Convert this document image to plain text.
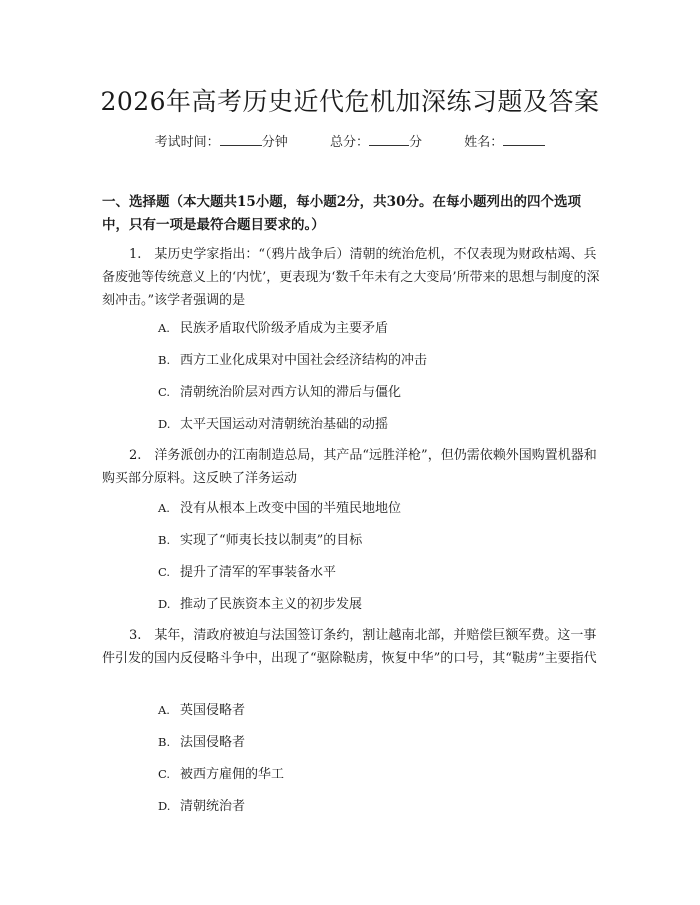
2026年高考历史近代危机加深练习题及答案
考试时间：	分钟	总分：	分	姓名：
一、选择题（本大题共15小题，每小题2分，共30分。在每小题列出的四个选项中，只有一项是最符合题目要求的。）
1.　某历史学家指出：“（鸦片战争后）清朝的统治危机，不仅表现为财政枯竭、兵备废弛等传统意义上的‘内忧’，更表现为‘数千年未有之大变局’所带来的思想与制度的深刻冲击。”该学者强调的是
A. 民族矛盾取代阶级矛盾成为主要矛盾
B. 西方工业化成果对中国社会经济结构的冲击
C. 清朝统治阶层对西方认知的滞后与僵化
D. 太平天国运动对清朝统治基础的动摇
2.　洋务派创办的江南制造总局，其产品“远胜洋枪”，但仍需依赖外国购置机器和购买部分原料。这反映了洋务运动
A. 没有从根本上改变中国的半殖民地地位
B. 实现了“师夷长技以制夷”的目标
C. 提升了清军的军事装备水平
D. 推动了民族资本主义的初步发展
3.　某年，清政府被迫与法国签订条约，割让越南北部，并赔偿巨额军费。这一事件引发的国内反侵略斗争中，出现了“驱除鞑虏，恢复中华”的口号，其“鞑虏”主要指代
A. 英国侵略者
B. 法国侵略者
C. 被西方雇佣的华工
D. 清朝统治者
